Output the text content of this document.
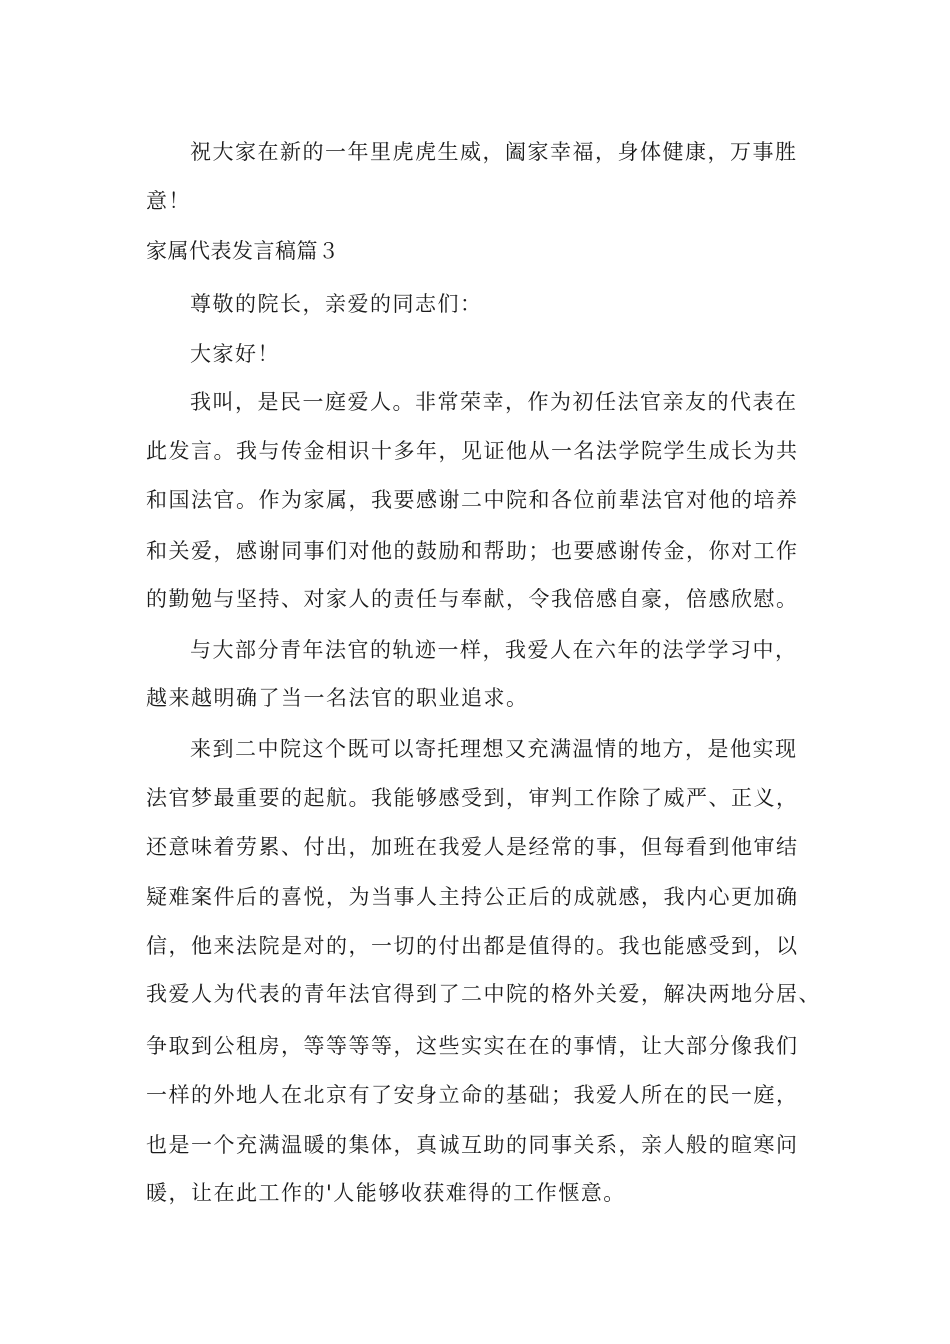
祝大家在新的一年里虎虎生威，阖家幸福，身体健康，万事胜
意！
家属代表发言稿篇３
尊敬的院长，亲爱的同志们：
大家好！
我叫，是民一庭爱人。非常荣幸，作为初任法官亲友的代表在
此发言。我与传金相识十多年，见证他从一名法学院学生成长为共
和国法官。作为家属，我要感谢二中院和各位前辈法官对他的培养
和关爱，感谢同事们对他的鼓励和帮助；也要感谢传金，你对工作
的勤勉与坚持、对家人的责任与奉献，令我倍感自豪，倍感欣慰。
与大部分青年法官的轨迹一样，我爱人在六年的法学学习中，
越来越明确了当一名法官的职业追求。
来到二中院这个既可以寄托理想又充满温情的地方，是他实现
法官梦最重要的起航。我能够感受到，审判工作除了威严、正义，
还意味着劳累、付出，加班在我爱人是经常的事，但每看到他审结
疑难案件后的喜悦，为当事人主持公正后的成就感，我内心更加确
信，他来法院是对的，一切的付出都是值得的。我也能感受到，以
我爱人为代表的青年法官得到了二中院的格外关爱，解决两地分居、
争取到公租房，等等等等，这些实实在在的事情，让大部分像我们
一样的外地人在北京有了安身立命的基础；我爱人所在的民一庭，
也是一个充满温暖的集体，真诚互助的同事关系，亲人般的暄寒问
暖，让在此工作的'人能够收获难得的工作惬意。
